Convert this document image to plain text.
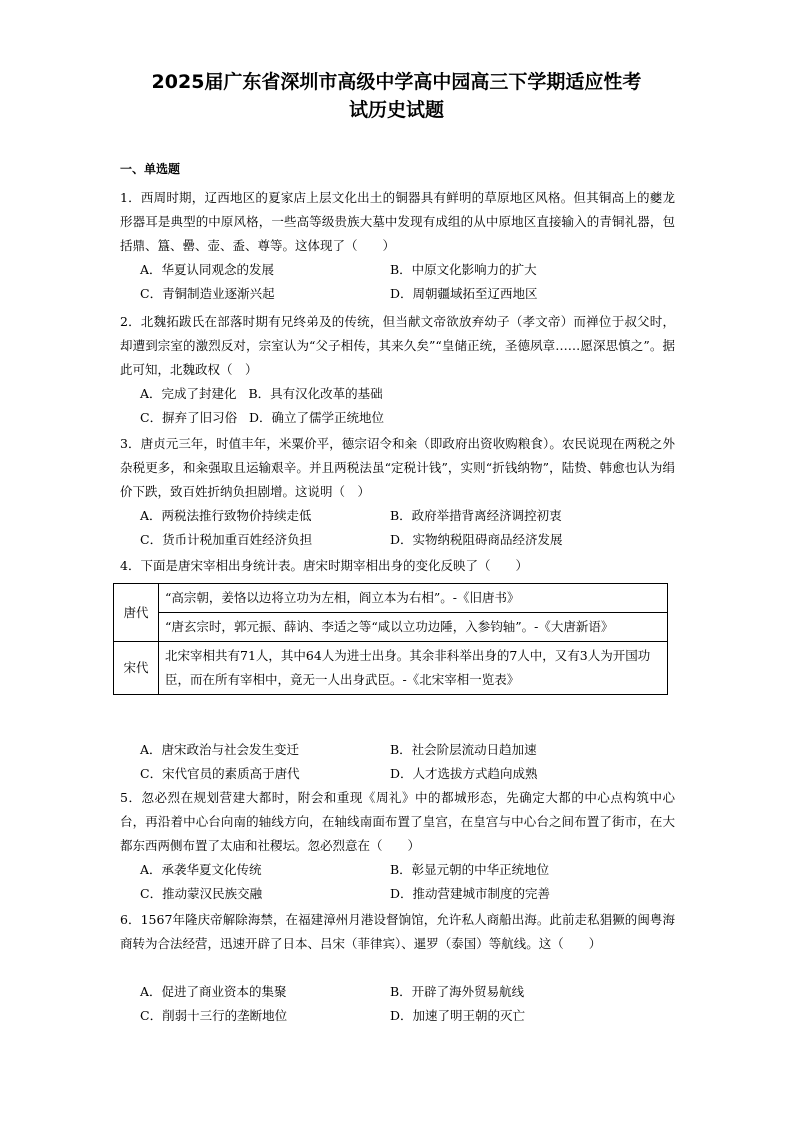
2025届广东省深圳市高级中学高中园高三下学期适应性考
试历史试题
一、单选题
1．西周时期，辽西地区的夏家店上层文化出土的铜器具有鲜明的草原地区风格。但其铜高上的夔龙形器耳是典型的中原风格，一些高等级贵族大墓中发现有成组的从中原地区直接输入的青铜礼器，包括鼎、簋、罍、壶、盉、尊等。这体现了（　　）
A．华夏认同观念的发展	B．中原文化影响力的扩大
C．青铜制造业逐渐兴起	D．周朝疆域拓至辽西地区
2．北魏拓跋氏在部落时期有兄终弟及的传统，但当献文帝欲放弃幼子（孝文帝）而禅位于叔父时，却遭到宗室的激烈反对，宗室认为“父子相传，其来久矣”“皇储正统，圣德夙章……愿深思慎之”。据此可知，北魏政权（　）
A．完成了封建化 B．具有汉化改革的基础
C．摒弃了旧习俗 D．确立了儒学正统地位
3．唐贞元三年，时值丰年，米粟价平，德宗诏令和籴（即政府出资收购粮食）。农民说现在两税之外杂税更多，和籴强取且运输艰辛。并且两税法虽“定税计钱”，实则“折钱纳物”，陆贽、韩愈也认为绢价下跌，致百姓折纳负担剧增。这说明（　）
A．两税法推行致物价持续走低	B．政府举措背离经济调控初衷
C．货币计税加重百姓经济负担	D．实物纳税阻碍商品经济发展
4．下面是唐宋宰相出身统计表。唐宋时期宰相出身的变化反映了（　　）
唐代	“高宗朝，姜恪以边将立功为左相，阎立本为右相”。-《旧唐书》
	“唐玄宗时，郭元振、薛讷、李适之等“咸以立功边陲，入参钧轴”。-《大唐新语》
宋代	北宋宰相共有71人，其中64人为进士出身。其余非科举出身的7人中，又有3人为开国功臣，而在所有宰相中，竟无一人出身武臣。-《北宋宰相一览表》
A．唐宋政治与社会发生变迁	B．社会阶层流动日趋加速
C．宋代官员的素质高于唐代	D．人才选拔方式趋向成熟
5．忽必烈在规划营建大都时，附会和重现《周礼》中的都城形态，先确定大都的中心点构筑中心台，再沿着中心台向南的轴线方向，在轴线南面布置了皇宫，在皇宫与中心台之间布置了街市，在大都东西两侧布置了太庙和社稷坛。忽必烈意在（　　）
A．承袭华夏文化传统	B．彰显元朝的中华正统地位
C．推动蒙汉民族交融	D．推动营建城市制度的完善
6．1567年隆庆帝解除海禁，在福建漳州月港设督饷馆，允许私人商船出海。此前走私猖獗的闽粤海商转为合法经营，迅速开辟了日本、吕宋（菲律宾）、暹罗（泰国）等航线。这（　　）
A．促进了商业资本的集聚	B．开辟了海外贸易航线
C．削弱十三行的垄断地位	D．加速了明王朝的灭亡
